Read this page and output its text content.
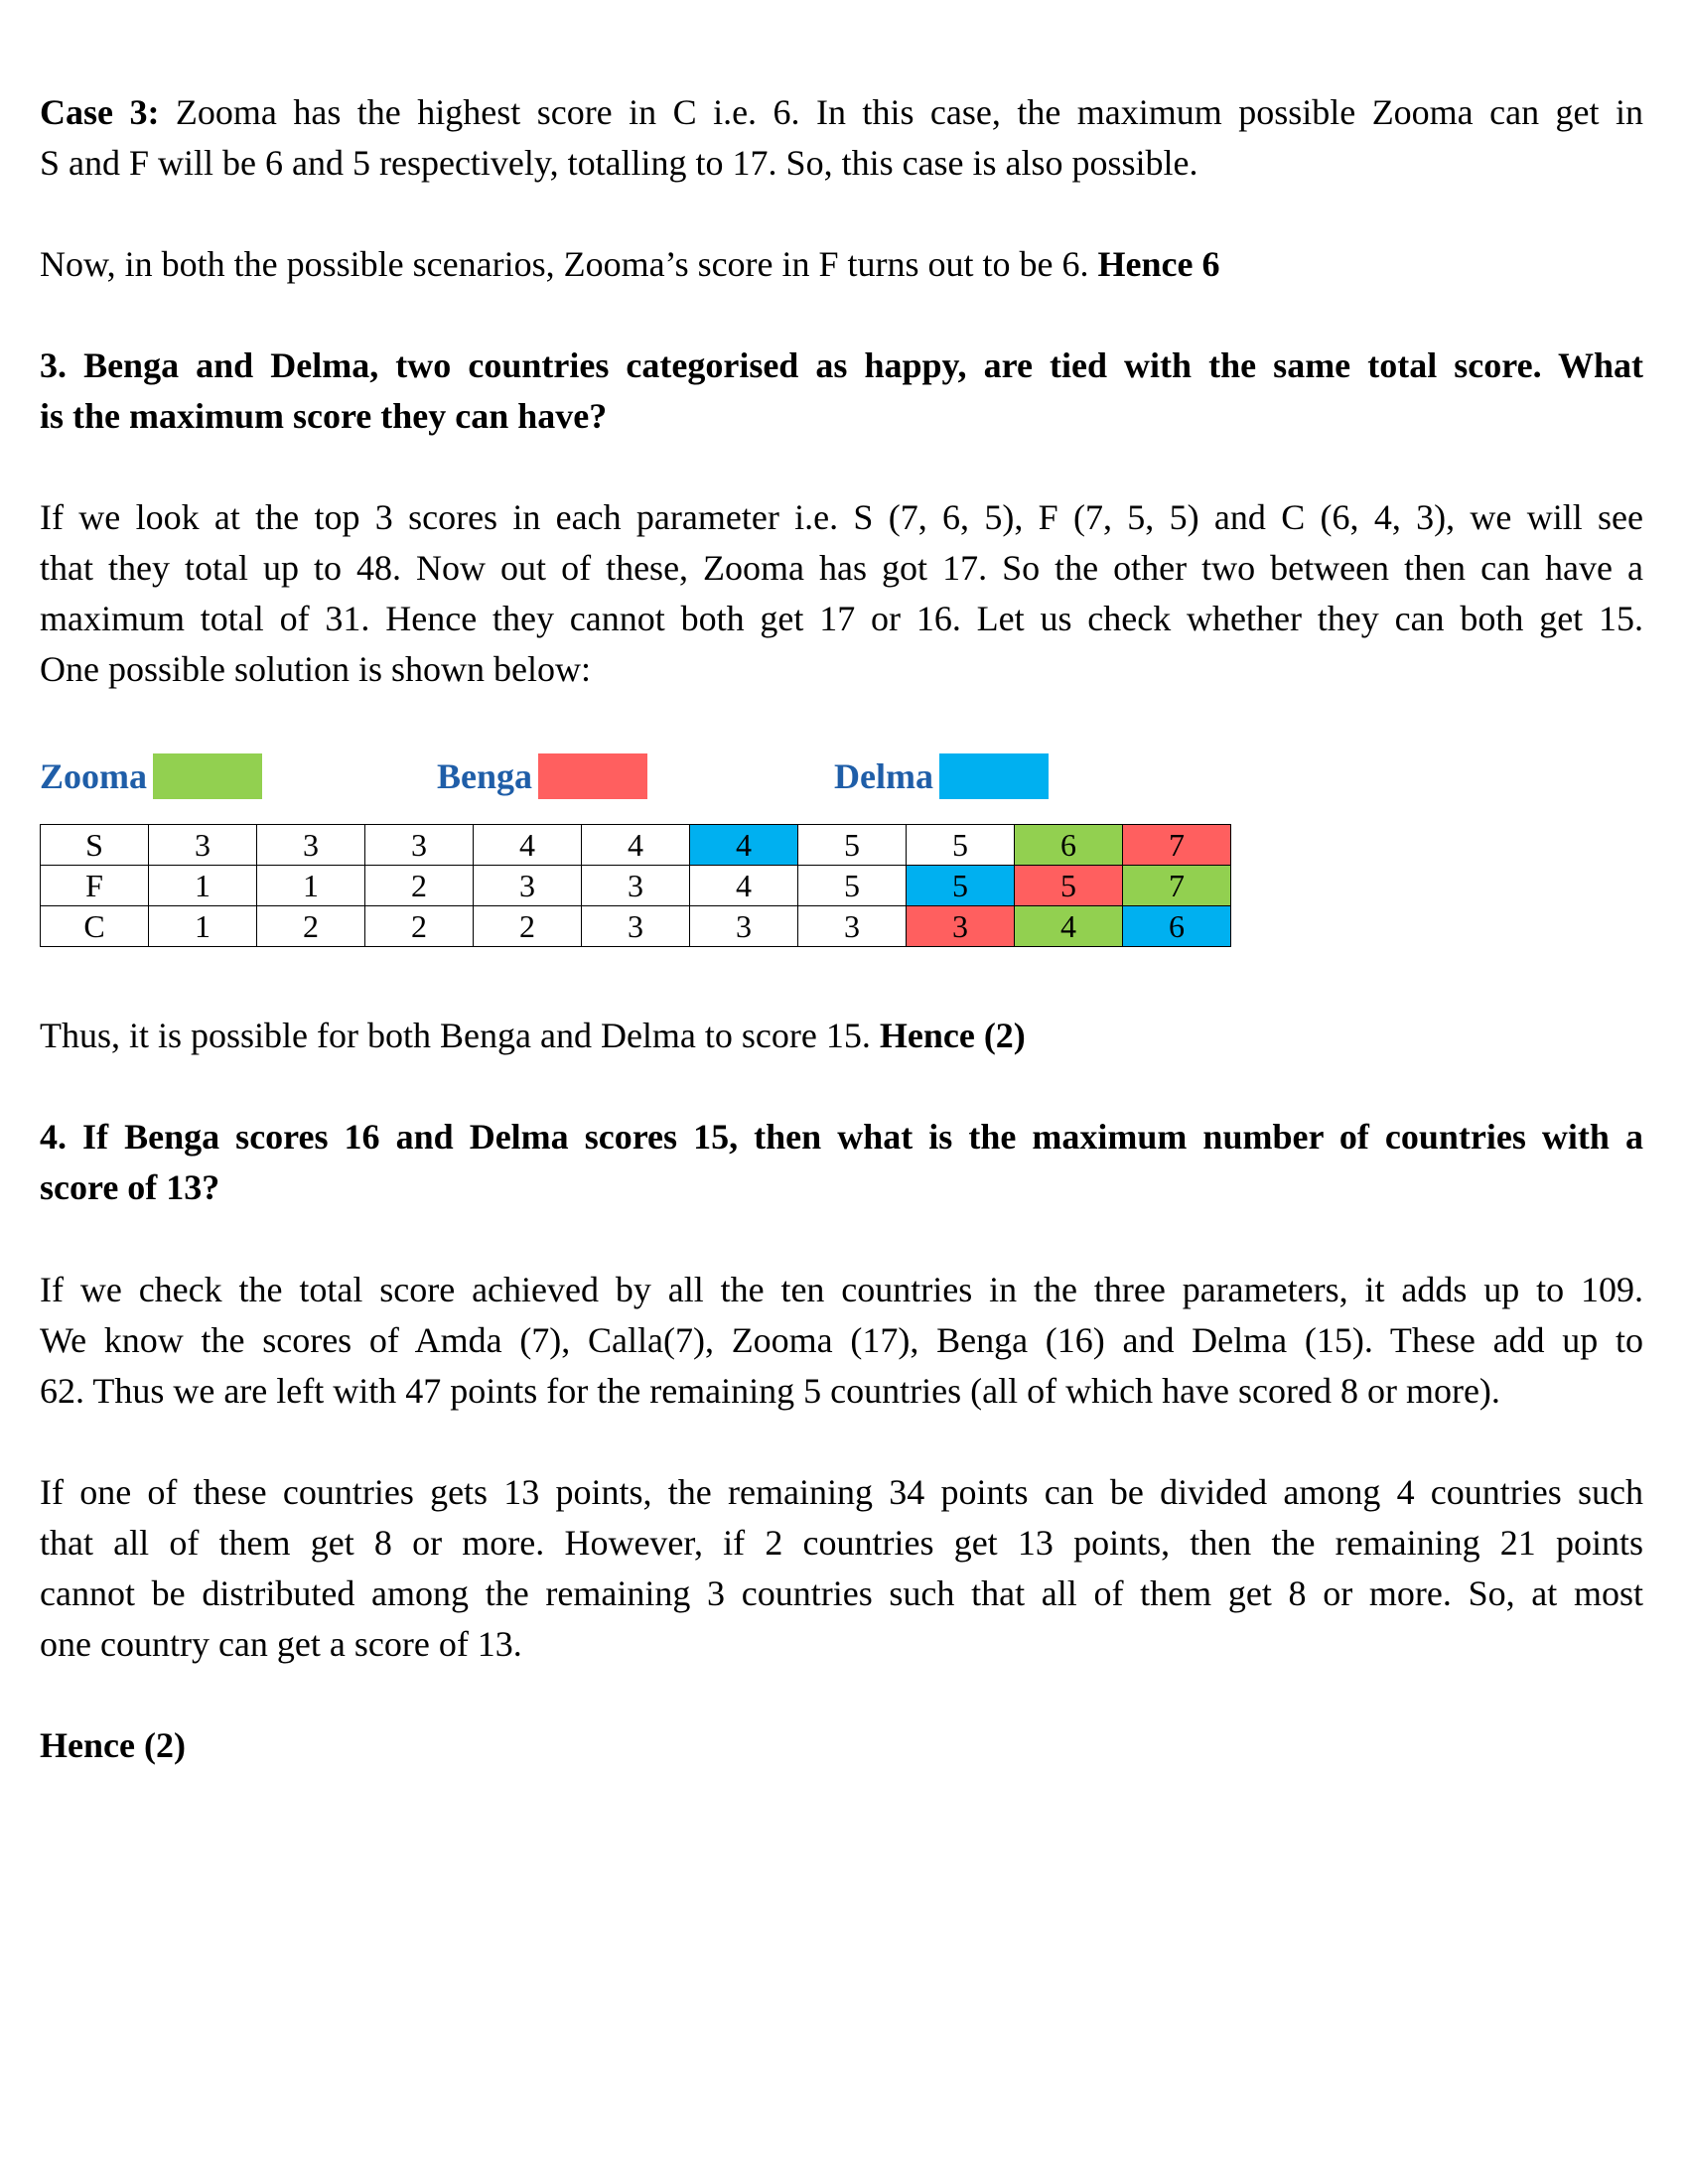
Case 3: Zooma has the highest score in C i.e. 6. In this case, the maximum possible Zooma can get in
S and F will be 6 and 5 respectively, totalling to 17. So, this case is also possible.

Now, in both the possible scenarios, Zooma’s score in F turns out to be 6. Hence 6

3. Benga and Delma, two countries categorised as happy, are tied with the same total score. What
is the maximum score they can have?

If we look at the top 3 scores in each parameter i.e. S (7, 6, 5), F (7, 5, 5) and C (6, 4, 3), we will see
that they total up to 48. Now out of these, Zooma has got 17. So the other two between then can have a
maximum total of 31. Hence they cannot both get 17 or 16. Let us check whether they can both get 15.
One possible solution is shown below:

Zooma	Benga	Delma
S	3	3	3	4	4	4	5	5	6	7
F	1	1	2	3	3	4	5	5	5	7
C	1	2	2	2	3	3	3	3	4	6

Thus, it is possible for both Benga and Delma to score 15. Hence (2)

4. If Benga scores 16 and Delma scores 15, then what is the maximum number of countries with a
score of 13?

If we check the total score achieved by all the ten countries in the three parameters, it adds up to 109.
We know the scores of Amda (7), Calla(7), Zooma (17), Benga (16) and Delma (15). These add up to
62. Thus we are left with 47 points for the remaining 5 countries (all of which have scored 8 or more).

If one of these countries gets 13 points, the remaining 34 points can be divided among 4 countries such
that all of them get 8 or more. However, if 2 countries get 13 points, then the remaining 21 points
cannot be distributed among the remaining 3 countries such that all of them get 8 or more. So, at most
one country can get a score of 13.

Hence (2)
